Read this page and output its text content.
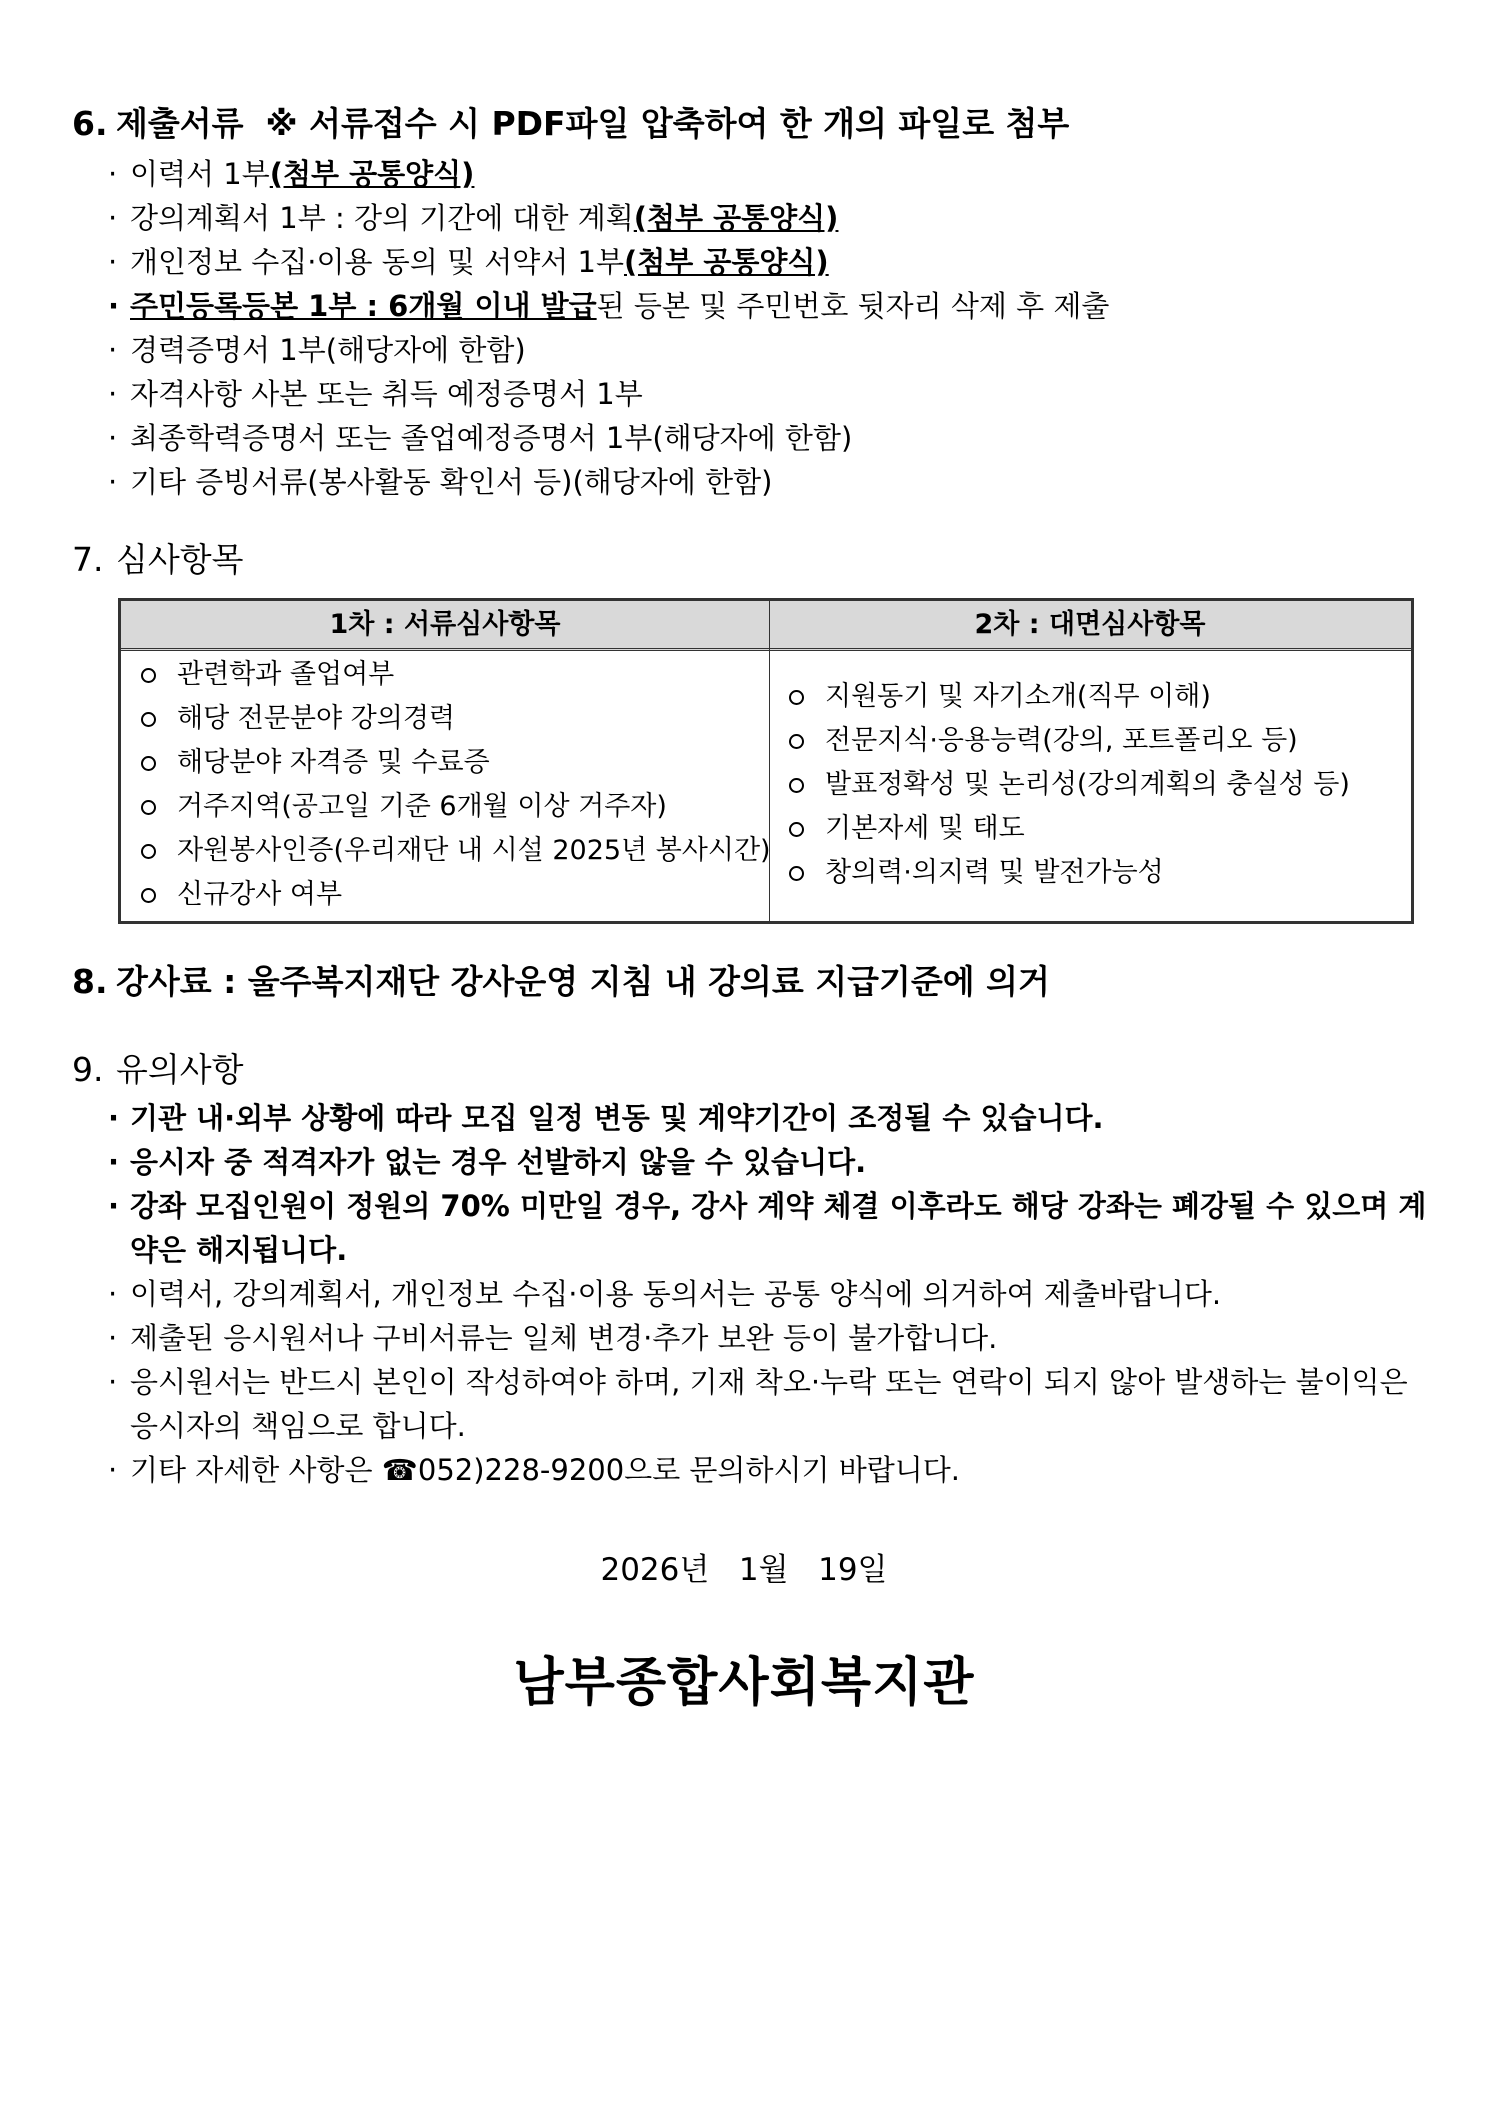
6. 제출서류 ※ 서류접수 시 PDF파일 압축하여 한 개의 파일로 첨부
· 이력서 1부(첨부 공통양식)
· 강의계획서 1부 : 강의 기간에 대한 계획(첨부 공통양식)
· 개인정보 수집·이용 동의 및 서약서 1부(첨부 공통양식)
· 주민등록등본 1부 : 6개월 이내 발급된 등본 및 주민번호 뒷자리 삭제 후 제출
· 경력증명서 1부(해당자에 한함)
· 자격사항 사본 또는 취득 예정증명서 1부
· 최종학력증명서 또는 졸업예정증명서 1부(해당자에 한함)
· 기타 증빙서류(봉사활동 확인서 등)(해당자에 한함)
7. 심사항목
1차 : 서류심사항목	2차 : 대면심사항목
관련학과 졸업여부
해당 전문분야 강의경력
해당분야 자격증 및 수료증
거주지역(공고일 기준 6개월 이상 거주자)
자원봉사인증(우리재단 내 시설 2025년 봉사시간)
신규강사 여부
지원동기 및 자기소개(직무 이해)
전문지식·응용능력(강의, 포트폴리오 등)
발표정확성 및 논리성(강의계획의 충실성 등)
기본자세 및 태도
창의력·의지력 및 발전가능성
8. 강사료 : 울주복지재단 강사운영 지침 내 강의료 지급기준에 의거
9. 유의사항
· 기관 내·외부 상황에 따라 모집 일정 변동 및 계약기간이 조정될 수 있습니다.
· 응시자 중 적격자가 없는 경우 선발하지 않을 수 있습니다.
· 강좌 모집인원이 정원의 70% 미만일 경우, 강사 계약 체결 이후라도 해당 강좌는 폐강될 수 있으며 계약은 해지됩니다.
· 이력서, 강의계획서, 개인정보 수집·이용 동의서는 공통 양식에 의거하여 제출바랍니다.
· 제출된 응시원서나 구비서류는 일체 변경·추가 보완 등이 불가합니다.
· 응시원서는 반드시 본인이 작성하여야 하며, 기재 착오·누락 또는 연락이 되지 않아 발생하는 불이익은 응시자의 책임으로 합니다.
· 기타 자세한 사항은 ☎052)228-9200으로 문의하시기 바랍니다.
2026년   1월   19일
남부종합사회복지관
